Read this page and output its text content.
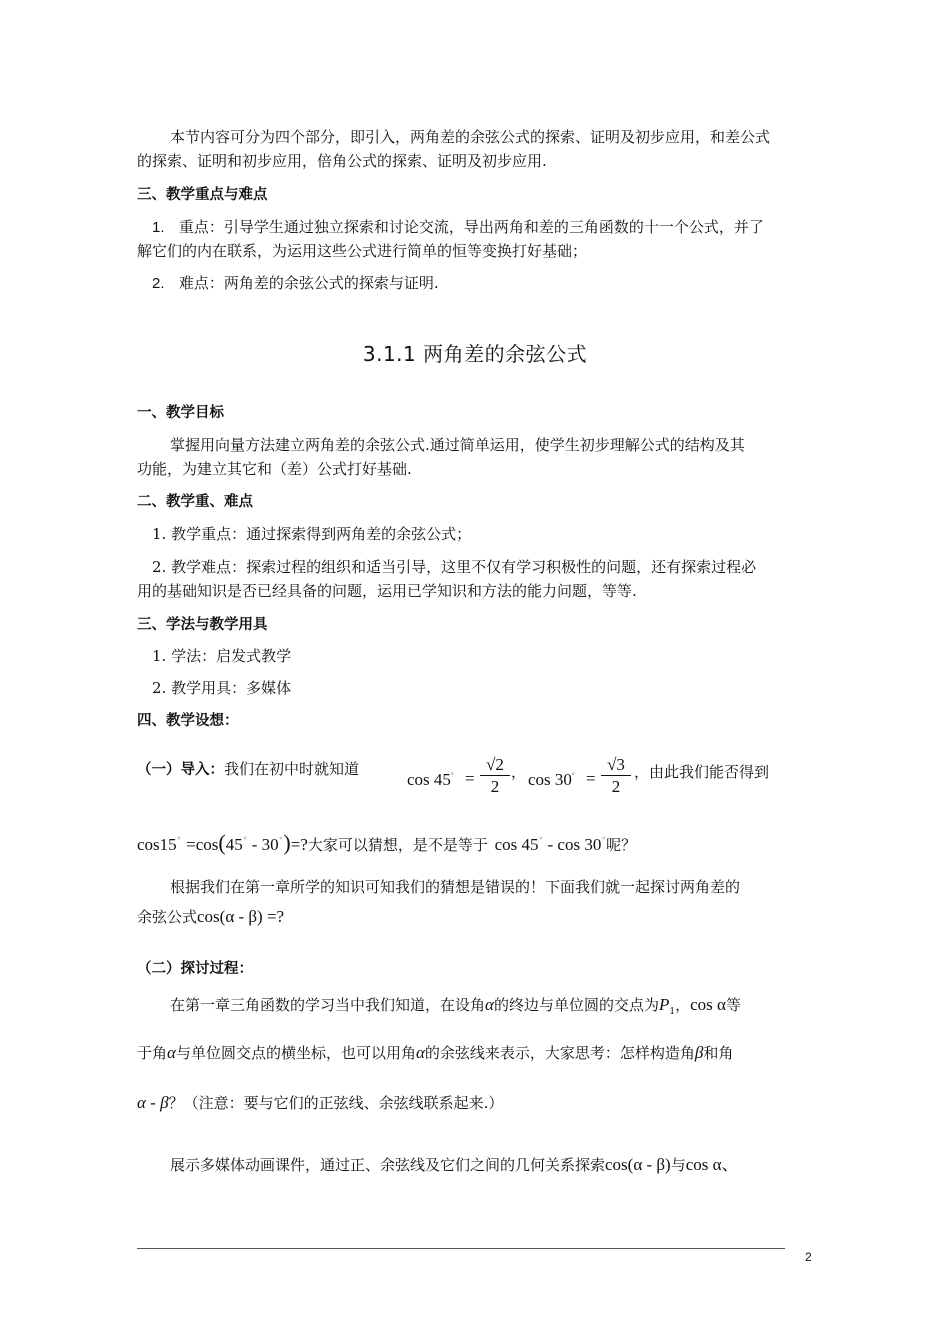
本节内容可分为四个部分，即引入，两角差的余弦公式的探索、证明及初步应用，和差公式
的探索、证明和初步应用，倍角公式的探索、证明及初步应用.
三、教学重点与难点
1. 重点：引导学生通过独立探索和讨论交流，导出两角和差的三角函数的十一个公式，并了
解它们的内在联系，为运用这些公式进行简单的恒等变换打好基础；
2. 难点：两角差的余弦公式的探索与证明.
3.1.1 两角差的余弦公式
一、教学目标
掌握用向量方法建立两角差的余弦公式.通过简单运用，使学生初步理解公式的结构及其
功能，为建立其它和（差）公式打好基础.
二、教学重、难点
1. 教学重点：通过探索得到两角差的余弦公式；
2. 教学难点：探索过程的组织和适当引导，这里不仅有学习积极性的问题，还有探索过程必
用的基础知识是否已经具备的问题，运用已学知识和方法的能力问题，等等.
三、学法与教学用具
1. 学法：启发式教学
2. 教学用具：多媒体
四、教学设想：
（一）导入：我们在初中时就知道
cos 45◦ =
√2
2
， cos 30◦ =
√3
2
，由此我们能否得到
cos15◦ =cos(45◦ - 30◦)=?大家可以猜想，是不是等于 cos 45◦ - cos 30◦呢？
根据我们在第一章所学的知识可知我们的猜想是错误的！下面我们就一起探讨两角差的
余弦公式cos(α - β) =?
（二）探讨过程：
在第一章三角函数的学习当中我们知道，在设角α的终边与单位圆的交点为$P_1$，cos α等
于角α与单位圆交点的横坐标，也可以用角α的余弦线来表示，大家思考：怎样构造角β和角
α - β？（注意：要与它们的正弦线、余弦线联系起来.）
展示多媒体动画课件，通过正、余弦线及它们之间的几何关系探索cos(α - β)与cos α、
2
